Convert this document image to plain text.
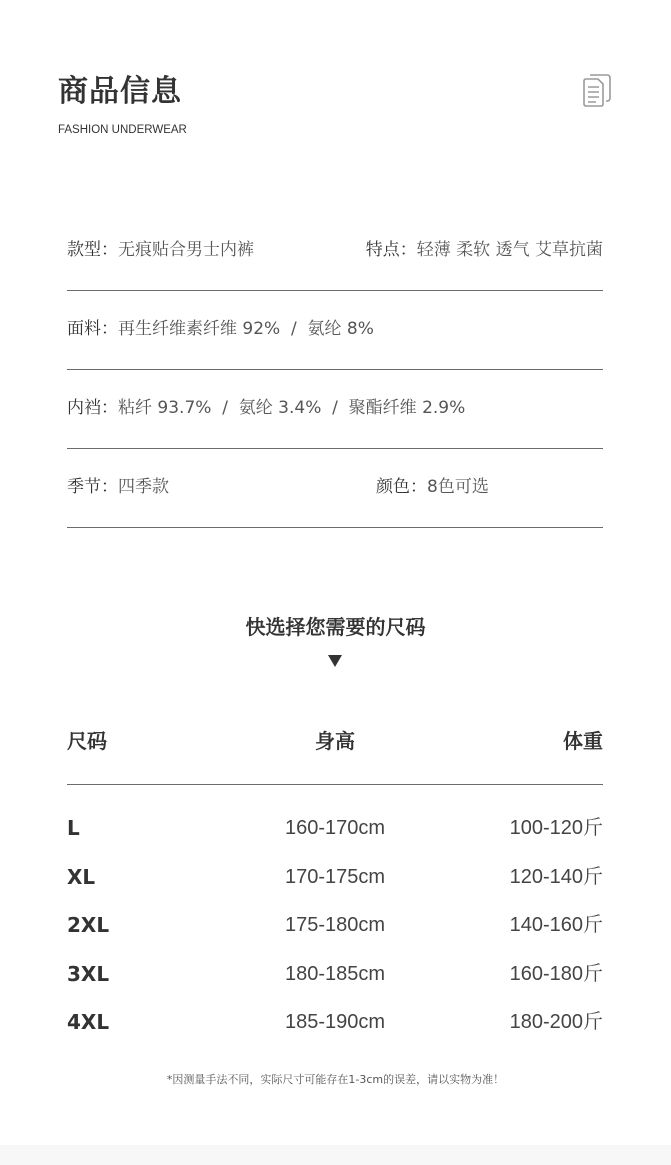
商品信息
FASHION UNDERWEAR
款型：无痕贴合男士内裤	特点：轻薄 柔软 透气 艾草抗菌
面料：再生纤维素纤维 92%  /  氨纶 8%
内裆：粘纤 93.7%  /  氨纶 3.4%  /  聚酯纤维 2.9%
季节：四季款	颜色：8色可选
快选择您需要的尺码
尺码	身高	体重
L	160-170cm	100-120斤
XL	170-175cm	120-140斤
2XL	175-180cm	140-160斤
3XL	180-185cm	160-180斤
4XL	185-190cm	180-200斤
*因测量手法不同，实际尺寸可能存在1-3cm的误差，请以实物为准！
